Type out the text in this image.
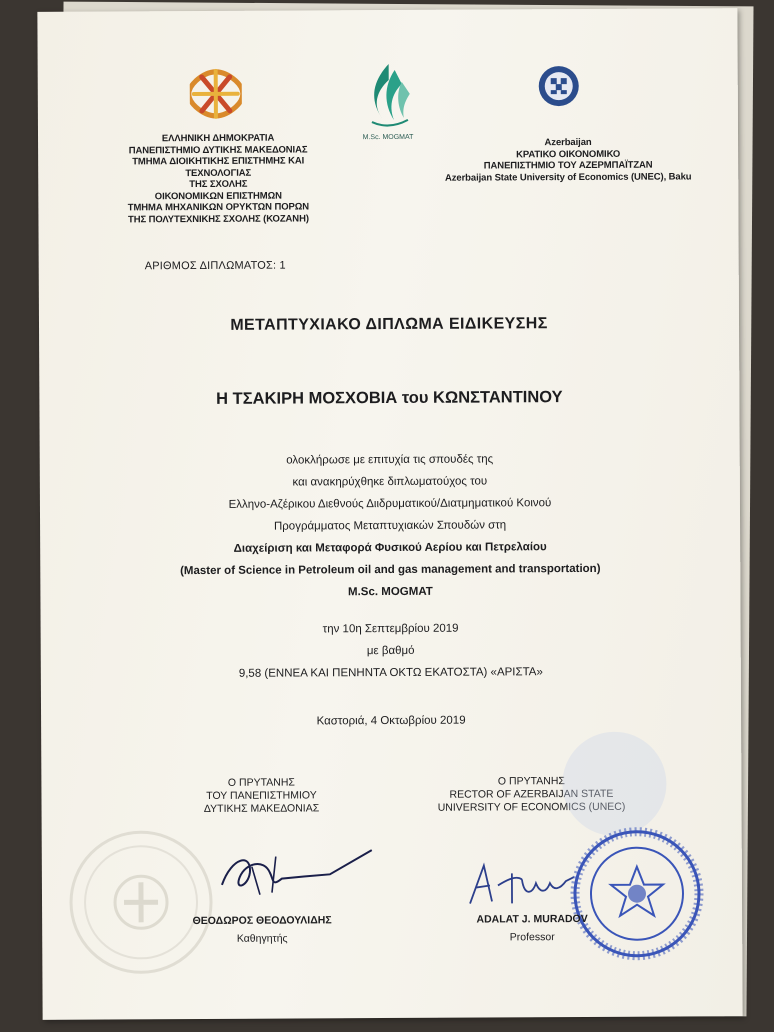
ΕΛΛΗΝΙΚΗ ΔΗΜΟΚΡΑΤΙΑ
ΠΑΝΕΠΙΣΤΗΜΙΟ ΔΥΤΙΚΗΣ ΜΑΚΕΔΟΝΙΑΣ
ΤΜΗΜΑ ΔΙΟΙΚΗΤΙΚΗΣ ΕΠΙΣΤΗΜΗΣ ΚΑΙ ΤΕΧΝΟΛΟΓΙΑΣ
ΤΗΣ ΣΧΟΛΗΣ
ΟΙΚΟΝΟΜΙΚΩΝ ΕΠΙΣΤΗΜΩΝ
ΤΜΗΜΑ ΜΗΧΑΝΙΚΩΝ ΟΡΥΚΤΩΝ ΠΟΡΩΝ
ΤΗΣ ΠΟΛΥΤΕΧΝΙΚΗΣ ΣΧΟΛΗΣ (ΚΟΖΑΝΗ)
M.Sc. MOGMAT	Azerbaijan
ΚΡΑΤΙΚΟ ΟΙΚΟΝΟΜΙΚΟ
ΠΑΝΕΠΙΣΤΗΜΙΟ ΤΟΥ ΑΖΕΡΜΠΑΪΤΖΑΝ
Azerbaijan State University of Economics (UNEC), Baku
ΑΡΙΘΜΟΣ ΔΙΠΛΩΜΑΤΟΣ: 1
ΜΕΤΑΠΤΥΧΙΑΚΟ ΔΙΠΛΩΜΑ ΕΙΔΙΚΕΥΣΗΣ
Η ΤΣΑΚΙΡΗ ΜΟΣΧΟΒΙΑ του ΚΩΝΣΤΑΝΤΙΝΟΥ
ολοκλήρωσε με επιτυχία τις σπουδές της
και ανακηρύχθηκε διπλωματούχος του
Ελληνο-Αζέρικου Διεθνούς Διιδρυματικού/Διατμηματικού Κοινού
Προγράμματος Μεταπτυχιακών Σπουδών στη
Διαχείριση και Μεταφορά Φυσικού Αερίου και Πετρελαίου
(Master of Science in Petroleum oil and gas management and transportation)
M.Sc. MOGMAT
την 10η Σεπτεμβρίου 2019
με βαθμό
9,58 (ΕΝΝΕΑ ΚΑΙ ΠΕΝΗΝΤΑ ΟΚΤΩ ΕΚΑΤΟΣΤΑ) «ΑΡΙΣΤΑ»
Καστοριά, 4 Οκτωβρίου 2019
Ο ΠΡΥΤΑΝΗΣ
ΤΟΥ ΠΑΝΕΠΙΣΤΗΜΙΟΥ
ΔΥΤΙΚΗΣ ΜΑΚΕΔΟΝΙΑΣ
ΘΕΟΔΩΡΟΣ ΘΕΟΔΟΥΛΙΔΗΣ
Καθηγητής
Ο ΠΡΥΤΑΝΗΣ
RECTOR OF AZERBAIJAN STATE
UNIVERSITY OF ECONOMICS (UNEC)
ADALAT J. MURADOV
Professor
